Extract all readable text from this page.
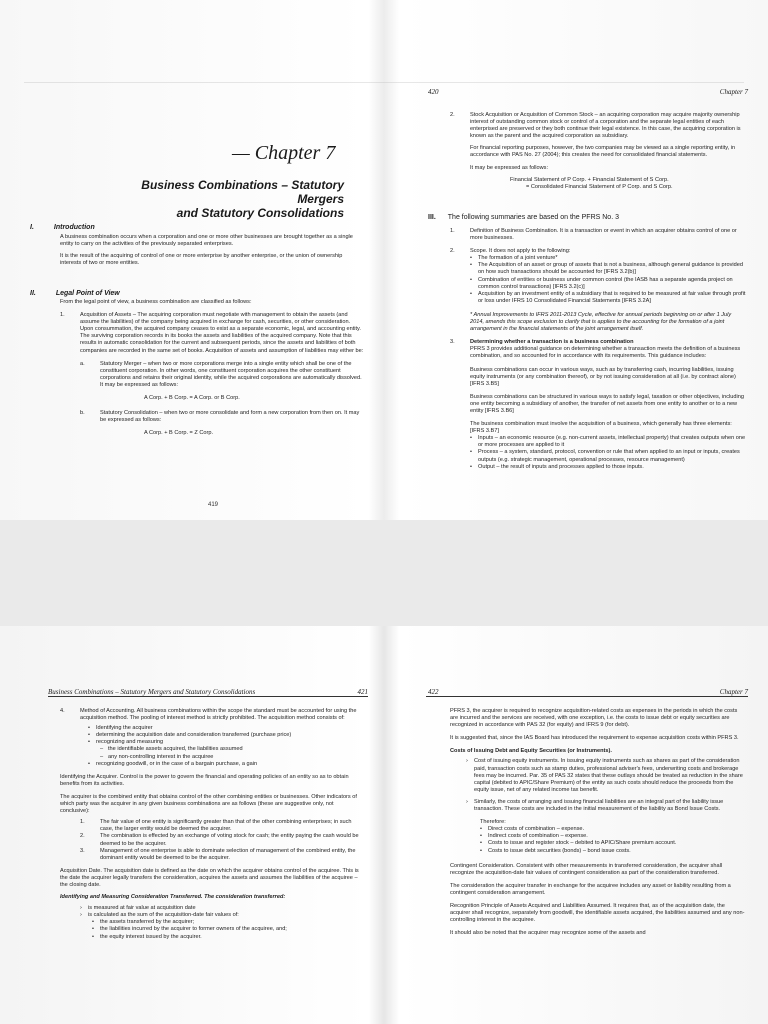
— Chapter 7
Business Combinations – Statutory Mergers
and Statutory Consolidations
I.	Introduction

A business combination occurs when a corporation and one or more other businesses are brought together as a single entity to carry on the activities of the previously separated enterprises.

It is the result of the acquiring of control of one or more enterprise by another enterprise, or the union of ownership interests of two or more entities.

II.	Legal Point of View

From the legal point of view, a business combination are classified as follows:

1.	Acquisition of Assets – The acquiring corporation must negotiate with management to obtain the assets (and assume the liabilities) of the company being acquired in exchange for cash, securities, or other consideration. Upon consummation, the acquired company ceases to exist as a separate economic, legal, and accounting entity. The surviving corporation records in its books the assets and liabilities of the acquired company. Note that this results in automatic consolidation for the current and subsequent periods, since the assets and liabilities of both companies are recorded in the same set of books. Acquisition of assets and assumption of liabilities may either be:

a.	Statutory Merger – when two or more corporations merge into a single entity which shall be one of the constituent corporation. In other words, one constituent corporation acquires the other constituent corporations and retains their original identity, while the acquired corporations are automatically dissolved. It may be expressed as follows:

A Corp. + B Corp. = A Corp. or B Corp.

b.	Statutory Consolidation – when two or more consolidate and form a new corporation from then on. It may be expressed as follows:

A Corp. + B Corp. = Z Corp.

419
420	Chapter 7
2.	Stock Acquisition or Acquisition of Common Stock – an acquiring corporation may acquire majority ownership interest of outstanding common stock or control of a corporation and the separate legal entities of each enterprised are preserved or they both continue their legal existence. In this case, the acquiring corporation is known as the parent and the acquired corporation as subsidiary.

For financial reporting purposes, however, the two companies may be viewed as a single reporting entity, in accordance with PAS No. 27 (2004); this creates the need for consolidated financial statements.

It may be expressed as follows:

Financial Statement of P Corp. + Financial Statement of S Corp.

= Consolidated Financial Statement of P Corp. and S Corp.

III. The following summaries are based on the PFRS No. 3
1.	Definition of Business Combination. It is a transaction or event in which an acquirer obtains control of one or more businesses.

2.	Scope. It does not apply to the following:

•	The formation of a joint venture*

•	The Acquisition of an asset or group of assets that is not a business, although general guidance is provided on how such transactions should be accounted for [IFRS 3.2(b)]

•	Combination of entities or business under common control (the IASB has a separate agenda project on common control transactions) [IFRS 3.2(c)]

•	Acquisition by an investment entity of a subsidiary that is required to be measured at fair value through profit or loss under IFRS 10 Consolidated Financial Statements [IFRS 3.2A]

* Annual Improvements to IFRS 2011-2013 Cycle, effective for annual periods beginning on or after 1 July 2014, amends this scope exclusion to clarify that is applies to the accounting for the formation of a joint arrangement in the financial statements of the joint arrangement itself.

3.	Determining whether a transaction is a business combination

PFRS 3 provides additional guidance on determining whether a transaction meets the definition of a business combination, and so accounted for in accordance with its requirements. This guidance includes:

Business combinations can occur in various ways, such as by transferring cash, incurring liabilities, issuing equity instruments (or any combination thereof), or by not issuing consideration at all (i.e. by contract alone) [IFRS 3.B5]

Business combinations can be structured in various ways to satisfy legal, taxation or other objectives, including one entity becoming a subsidiary of another, the transfer of net assets from one entity to another or to a new entity [IFRS 3.B6]

The business combination must involve the acquisition of a business, which generally has three elements: [IFRS 3.B7]

•	Inputs – an economic resource (e.g. non-current assets, intellectual property) that creates outputs when one or more processes are applied to it

•	Process – a system, standard, protocol, convention or rule that when applied to an input or inputs, creates outputs (e.g. strategic management, operational processes, resource management)

•	Output – the result of inputs and processes applied to those inputs.

Business Combinations – Statutory Mergers and Statutory Consolidations	421
4.	Method of Accounting. All business combinations within the scope the standard must be accounted for using the acquisition method. The pooling of interest method is strictly prohibited. The acquisition method consists of:

•	Identifying the acquirer

•	determining the acquisition date and consideration transferred (purchase price)

•	recognizing and measuring

– the identifiable assets acquired, the liabilities assumed

– any non-controlling interest in the acquiree

•	recognizing goodwill, or in the case of a bargain purchase, a gain

Identifying the Acquirer. Control is the power to govern the financial and operating policies of an entity so as to obtain benefits from its activities.

The acquirer is the combined entity that obtains control of the other combining entities or businesses. Other indicators of which party was the acquirer in any given business combinations are as follows (these are suggestive only, not conclusive):

1.	The fair value of one entity is significantly greater than that of the other combining enterprises; in such case, the larger entity would be deemed the acquirer.

2.	The combination is effected by an exchange of voting stock for cash; the entity paying the cash would be deemed to be the acquirer.

3.	Management of one enterprise is able to dominate selection of management of the combined entity, the dominant entity would be deemed to be the acquirer.

Acquisition Date. The acquisition date is defined as the date on which the acquirer obtains control of the acquiree. This is the date the acquirer legally transfers the consideration, acquires the assets and assumes the liabilities of the acquiree – the closing date.

Identifying and Measuring Consideration Transferred. The consideration transferred:

›	is measured at fair value at acquisition date

›	is calculated as the sum of the acquisition-date fair values of:

•	the assets transferred by the acquirer;

•	the liabilities incurred by the acquirer to former owners of the acquiree, and;

•	the equity interest issued by the acquirer.

422	Chapter 7

PFRS 3, the acquirer is required to recognize acquisition-related costs as expenses in the periods in which the costs are incurred and the services are received, with one exception, i.e. the costs to issue debt or equity securities are recognized in accordance with PAS 32 (for equity) and IFRS 9 (for debt).

It is suggested that, since the IAS Board has introduced the requirement to expense acquisition costs within PFRS 3.

Costs of Issuing Debt and Equity Securities (or Instruments).

›	Cost of issuing equity instruments. In issuing equity instruments such as shares as part of the consideration paid, transaction costs such as stamp duties, professional adviser's fees, underwriting costs and brokerage fees may be incurred. Par. 35 of PAS 32 states that these outlays should be treated as reduction in the share capital (debited to APIC/Share Premium) of the entity as such costs should reduce the proceeds from the equity issue, net of any related income tax benefit.

›	Similarly, the costs of arranging and issuing financial liabilities are an integral part of the liability issue transaction. These costs are included in the initial measurement of the liability as Bond Issue Costs.

Therefore:

•	Direct costs of combination – expense.

•	Indirect costs of combination – expense.

•	Costs to issue and register stock – debited to APIC/Share premium account.

•	Costs to issue debt securities (bonds) – bond issue costs.

Contingent Consideration. Consistent with other measurements in transferred consideration, the acquirer shall recognize the acquisition-date fair values of contingent consideration as part of the consideration transferred.

The consideration the acquirer transfer in exchange for the acquiree includes any asset or liability resulting from a contingent consideration arrangement.

Recognition Principle of Assets Acquired and Liabilities Assumed. It requires that, as of the acquisition date, the acquirer shall recognize, separately from goodwill, the identifiable assets acquired, the liabilities assumed and any non-controlling interest in the acquiree.

It should also be noted that the acquirer may recognize some of the assets and
